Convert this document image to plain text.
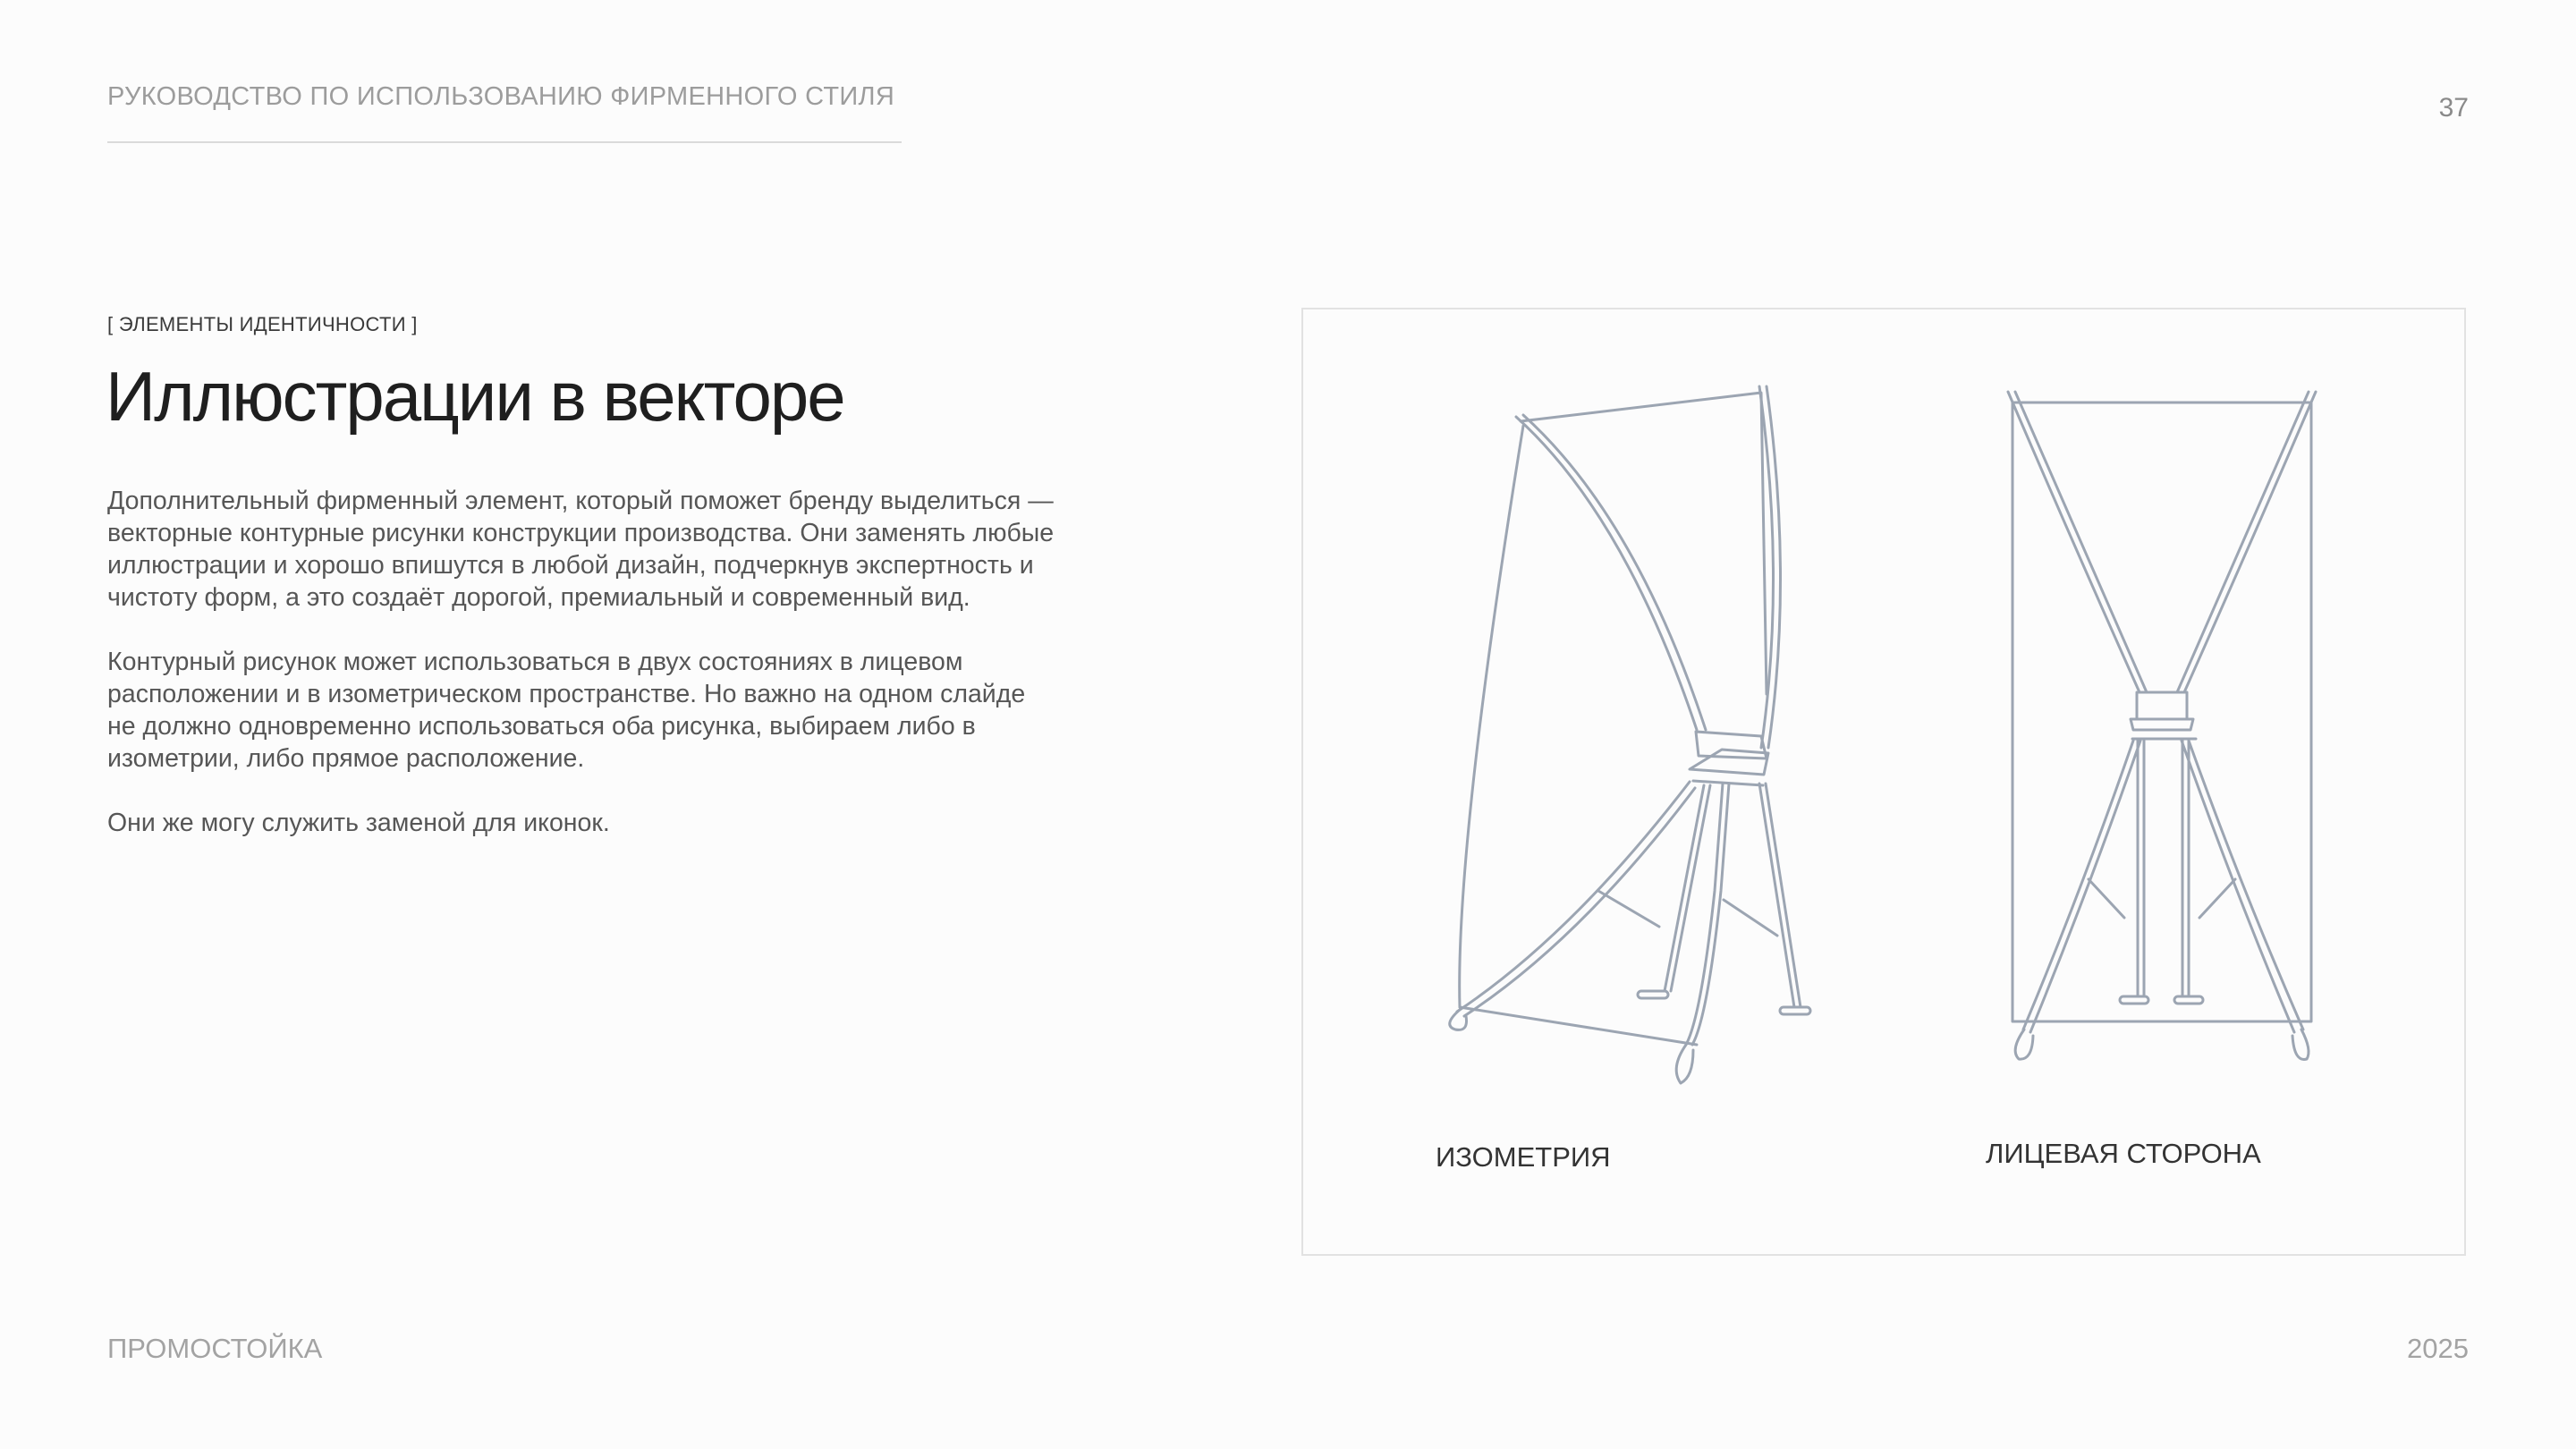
РУКОВОДСТВО ПО ИСПОЛЬЗОВАНИЮ ФИРМЕННОГО СТИЛЯ	37
[ ЭЛЕМЕНТЫ ИДЕНТИЧНОСТИ ]
Иллюстрации в векторе

Дополнительный фирменный элемент, который поможет бренду выделиться — векторные контурные рисунки конструкции производства. Они заменять любые иллюстрации и хорошо впишутся в любой дизайн, подчеркнув экспертность и чистоту форм, а это создаёт дорогой, премиальный и современный вид.

Контурный рисунок может использоваться в двух состояниях в лицевом расположении и в изометрическом пространстве. Но важно на одном слайде не должно одновременно использоваться оба рисунка, выбираем либо в изометрии, либо прямое расположение.

Они же могу служить заменой для иконок.

ИЗОМЕТРИЯ	ЛИЦЕВАЯ СТОРОНА
ПРОМОСТОЙКА	2025
